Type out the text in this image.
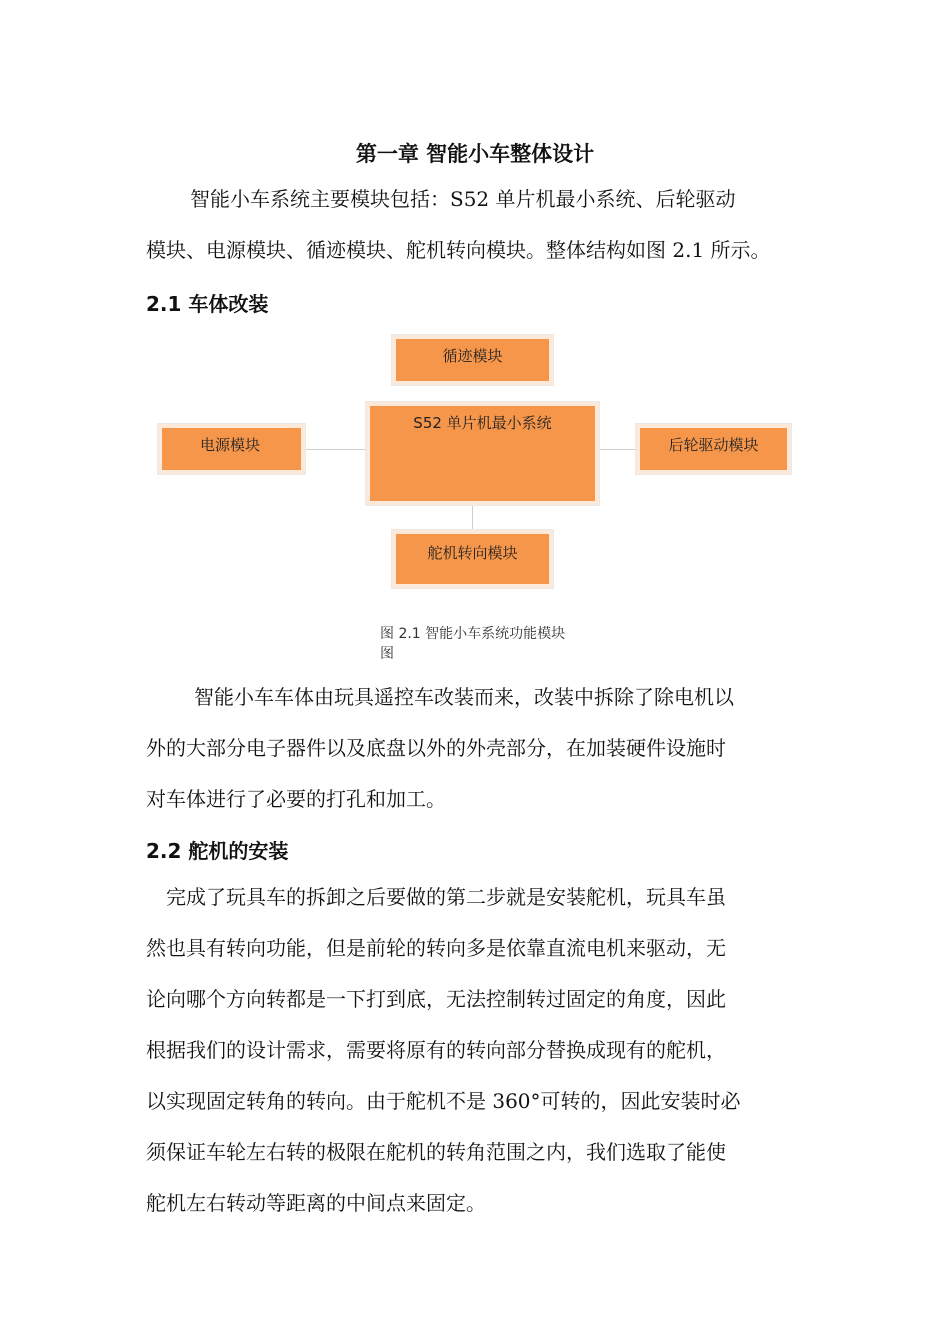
第一章 智能小车整体设计
智能小车系统主要模块包括：S52 单片机最小系统、后轮驱动
模块、电源模块、循迹模块、舵机转向模块。整体结构如图 2.1 所示。
2.1 车体改装
循迹模块
S52 单片机最小系统
电源模块	后轮驱动模块
舵机转向模块
图 2.1 智能小车系统功能模块
图
智能小车车体由玩具遥控车改装而来，改装中拆除了除电机以
外的大部分电子器件以及底盘以外的外壳部分，在加装硬件设施时
对车体进行了必要的打孔和加工。
2.2 舵机的安装
完成了玩具车的拆卸之后要做的第二步就是安装舵机，玩具车虽
然也具有转向功能，但是前轮的转向多是依靠直流电机来驱动，无
论向哪个方向转都是一下打到底，无法控制转过固定的角度，因此
根据我们的设计需求，需要将原有的转向部分替换成现有的舵机，
以实现固定转角的转向。由于舵机不是 360°可转的，因此安装时必
须保证车轮左右转的极限在舵机的转角范围之内，我们选取了能使
舵机左右转动等距离的中间点来固定。
